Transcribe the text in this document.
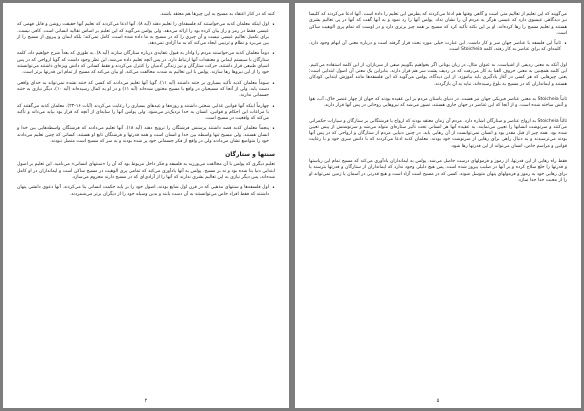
کنند که در کنار اعتقاد به مسیح به این چیزها هم معتقد باشند.

• اول اینکه معلمان کذبه می‌خواستند که فلسفه‌ای را تعلیم دهند (آیه ۸). آنها ادعا می‌کردند که تعلیم آنها حقیقت روشن و قابل فهمی که عیسی فقط در رمز و راز بیان کرده بود را ارائه می‌دهد. ولی پولس می‌گوید که این تعلیم بر اساس تقالید انسانی است. کافی نیست. برای تکمیل تعالیم عیسی نیست و آن چیزی را که در مسیح به ما داده شده است، کامل نمی‌کند؛ بلکه ایمان و پیروی از مسیح را از بین می‌برد و نظام و ترتیبی ایجاد می‌کند که به ما آزادی نمی‌دهد.

• دوماً معلمان کذبه می‌خواستند مردم را وادار به قبول عقایدی درباره ستارگان سازند (آیه ۸). به طوری که بعداً شرح خواهیم داد، کلمه ستارگان با سیستم ایمانی و معتقدات آنها ارتباط دارد. در پس آنچه تعلیم داده می‌شد، این نظر وجود داشت که گویا ارواحی که در پس اشیای طبیعی قرار داشتند، حرکت ستارگان و نیز زندگی آدمیان را کنترل می‌کردند و فقط کسانی که دانش ویژه‌ای داشتند می‌توانستند خود را از این نیروها رها سازند. پولس با این تعالیم به شدت مخالفت می‌کند. او بیان می‌کند که مسیح از تمام این قدرتها برتر است.

• سوماً معلمان کذبه تأکید بسیاری بر ختنه داشتند (آیه ۱۱). گویا آنها تعلیم می‌دادند که کسی که ختنه نشده نمی‌تواند به خدای واقعی دست یابد. ولی از آنجا که مسیحیان در واقع با مسیح مختون شده‌اند (آیه ۱۱) و در او به کمال رسیده‌اند (آیه ۱۰)، دیگر نیازی به ختنه جسمانی ندارند.

• چهارماً اینکه آنها قوانین غذایی سختی داشتند و روزه‌ها و عیدهای بسیاری را رعایت می‌کردند (آیات ۱۶-۲۳). معلمان کذبه می‌گفتند که با مراعات این احکام و قوانین، انسان به خدا نزدیک‌تر می‌شود. ولی پولس آنها را سایه‌ای از آنچه که قرار بود بیاید می‌داند و تأکید می‌کند که واقعیت در مسیح است.

• پنجماً معلمان کذبه قصد داشتند پرستش فرشتگان را ترویج دهند (آیه ۱۸). آنها تعلیم می‌دادند که فرشتگان واسطه‌هایی بین خدا و انسان هستند. ولی مسیح تنها واسطه بین خدا و انسان است و همه قدرتها و فرشتگان تابع او هستند. کسانی که چنین تعلیم می‌دادند خود را متواضع نشان می‌دادند ولی در واقع از فکر جسمانی خود پر شده بودند و به سر که مسیح است متصل نبودند.

سنتها و ستارگان

تعلیم دیگری که پولس با آن مخالفت می‌ورزید به فلسفه و فکر داخل مربوط بود که آن را «سنتهای انسانی» می‌نامید. این تعلیم بر اصول ابتدایی دنیا بنا شده بود و نه بر مسیح. پولس به آنها یادآوری می‌کند که تمامی پری الوهیت در مسیح ساکن است و ایمانداران در او کامل شده‌اند، پس دیگر نیازی به این تعالیم بشری ندارند که آنها را از آزادی‌ای که در مسیح دارند محروم می‌سازد.

• اول فلسفه‌ها و سنتهای مذهبی که در قرن اول شایع بودند، اصول خود را بر پایه حکمت انسانی بنا می‌کردند. آنها دعوی دانشی پنهان داشتند که فقط افراد خاص می‌توانستند به آن دست یابند و بدین وسیله خود را از دیگران برتر می‌شمردند.

۴

می‌گویند که این تعلیم از تعالیم متی است و گاهی وقتها هم ادعا می‌کردند که بطرس این تعلیم را داده است. آنها ادعا می‌کردند که کلیسا نیز دیدگاهی عیسوی دارد که عیسی هرگز به مردم آن را نشان نداد. پولس آنها را رد نمود و به آنها گفت که آنها در پی تعالیم بشری هستند و تعلیم مسیح را رها کرده‌اند. او بر این نکته تأکید کرد که مسیح بر همه چیز برتری دارد و در اوست که تمام پری الوهیت ساکن است.

• ثانیاً این فلسفه با عناصر جهان سر و کار داشت. این عبارت خیلی مورد بحث قرار گرفته است و درباره معنی آن ابهام وجود دارد. کلمه‌ای که برای عناصر به کار رفته، کلمه Stoicheia است.

اول آنکه به معنی ردیفی از اشیاست. به عنوان مثال، در زبان یونانی اگر بخواهیم بگوییم صفی از سربازان، از این کلمه استفاده می‌کنیم. این کلمه همچنین به معنی حروف الفبا به کار می‌رفت که در ردیف پشت سر هم قرار دارند. بنابراین یک معنی آن اصول ابتدایی است؛ یعنی چیزهایی که هر کسی در آغاز یادگیری باید بیاموزد. از این دیدگاه، پولس می‌گوید که این فلسفه‌ها مانند آموزش ابتدایی کودکان هستند و ایمانداران که در مسیح به بلوغ رسیده‌اند، نباید به آن بازگردند.

ثانیاً Stoicheia به معنی عناصر فیزیکی جهان نیز هست. در دنیای باستان مردم بر این عقیده بودند که جهان از چهار عنصر خاک، آب، هوا و آتش ساخته شده است. و از آنجا که این عناصر در جهان جاری هستند، تصور می‌شد که نیروهایی روحانی در پس آنها قرار دارند.

ثالثاً Stoicheia به ارواح عناصر و ستارگان اشاره دارد. مردم آن زمان معتقد بودند که ارواح یا فرشتگانی بر ستارگان و سیارات حکمرانی می‌کنند و سرنوشت انسانها را تعیین می‌نمایند. به عقیده آنها هر انسانی تحت تأثیر ستاره‌ای متولد می‌شد و سرنوشتش از پیش تعیین شده بود. همه چیز از قبل مقدر بود و انسان نمی‌توانست از آن رهایی یابد. در چنین دنیایی مردم از ستارگان و ارواحی که در پس آنها بودند می‌ترسیدند و به دنبال راهی برای رهایی از سرنوشت خود بودند. معلمان کذبه ادعا می‌کردند که با دانش سری خود و با رعایت قوانین و مراسم خاص، انسان می‌تواند از این قدرتها رها شود.

فقط راه رهایی از این قدرتها، از رموز و فرمولهای درست حاصل می‌شد. پولس به ایمانداران یادآوری می‌کند که مسیح تمام این ریاستها و قدرتها را خلع سلاح کرده و بر آنها در صلیب پیروز شده است. پس هیچ دلیلی وجود ندارد که ایمانداران از ستارگان و قدرتها بترسند یا برای رهایی خود به رموز و فرمولهای پنهان متوسل شوند. کسی که در مسیح است آزاد است و هیچ قدرتی در آسمان یا زمین نمی‌تواند او را از محبت خدا جدا سازد.

۵
